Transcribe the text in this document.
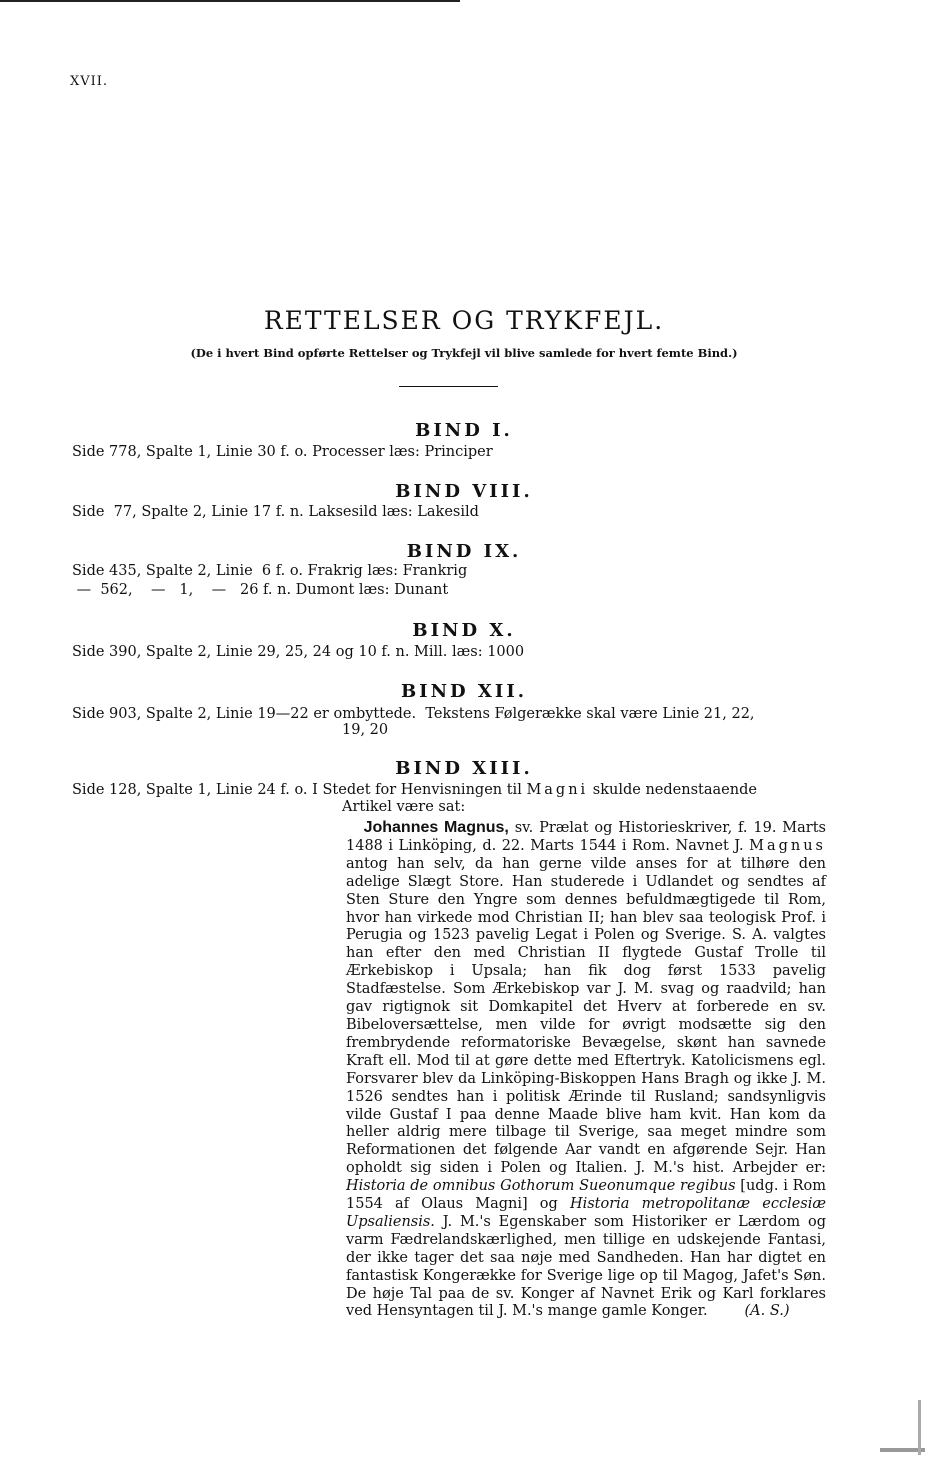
XVII.
RETTELSER OG TRYKFEJL.
(De i hvert Bind opførte Rettelser og Trykfejl vil blive samlede for hvert femte Bind.)
BIND I.
Side 778, Spalte 1, Linie 30 f. o. Processer læs: Principer
BIND VIII.
Side  77, Spalte 2, Linie 17 f. n. Laksesild læs: Lakesild
BIND IX.
Side 435, Spalte 2, Linie  6 f. o. Frakrig læs: Frankrig
—  562,    —   1,    —   26 f. n. Dumont læs: Dunant
BIND X.
Side 390, Spalte 2, Linie 29, 25, 24 og 10 f. n. Mill. læs: 1000
BIND XII.
Side 903, Spalte 2, Linie 19—22 er ombyttede.  Tekstens Følgerække skal være Linie 21, 22,
19, 20
BIND XIII.
Side 128, Spalte 1, Linie 24 f. o. I Stedet for Henvisningen til Magni skulde nedenstaaende
Artikel være sat:
Johannes Magnus, sv. Prælat og Historieskriver, f. 19. Marts 1488 i Linköping, d. 22. Marts 1544 i Rom. Navnet J. Magnus antog han selv, da han gerne vilde anses for at tilhøre den adelige Slægt Store. Han studerede i Udlandet og sendtes af Sten Sture den Yngre som dennes befuldmægtigede til Rom, hvor han virkede mod Christian II; han blev saa teologisk Prof. i Perugia og 1523 pavelig Legat i Polen og Sverige. S. A. valgtes han efter den med Christian II flygtede Gustaf Trolle til Ærkebiskop i Upsala; han fik dog først 1533 pavelig Stadfæstelse. Som Ærkebiskop var J. M. svag og raadvild; han gav rigtignok sit Domkapitel det Hverv at forberede en sv. Bibeloversættelse, men vilde for øvrigt modsætte sig den frembrydende reformatoriske Bevægelse, skønt han savnede Kraft ell. Mod til at gøre dette med Eftertryk. Katolicismens egl. Forsvarer blev da Linköping-Biskoppen Hans Bragh og ikke J. M. 1526 sendtes han i politisk Ærinde til Rusland; sandsynligvis vilde Gustaf I paa denne Maade blive ham kvit. Han kom da heller aldrig mere tilbage til Sverige, saa meget mindre som Reformationen det følgende Aar vandt en afgørende Sejr. Han opholdt sig siden i Polen og Italien. J. M.'s hist. Arbejder er: Historia de omnibus Gothorum Sueonumque regibus [udg. i Rom 1554 af Olaus Magni] og Historia metropolitanæ ecclesiæ Upsaliensis. J. M.'s Egenskaber som Historiker er Lærdom og varm Fædrelandskærlighed, men tillige en udskejende Fantasi, der ikke tager det saa nøje med Sandheden. Han har digtet en fantastisk Kongerække for Sverige lige op til Magog, Jafet's Søn. De høje Tal paa de sv. Konger af Navnet Erik og Karl forklares ved Hensyntagen til J. M.'s mange gamle Konger.	(A. S.)
